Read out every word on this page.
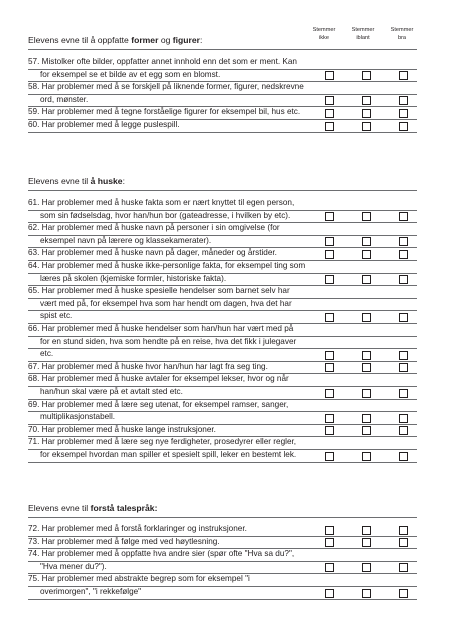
Stemmer
ikke
Stemmer
iblant
Stemmer
bra
Elevens evne til å oppfatte former og figurer:
57. Mistolker ofte bilder, oppfatter annet innhold enn det som er ment. Kan
for eksempel se et bilde av et egg som en blomst.
58. Har problemer med å se forskjell på liknende former, figurer, nedskrevne
ord, mønster.
59. Har problemer med å tegne forståelige figurer for eksempel bil, hus etc.
60. Har problemer med å legge puslespill.
Elevens evne til å huske:
61. Har problemer med å huske fakta som er nært knyttet til egen person,
som sin fødselsdag, hvor han/hun bor (gateadresse, i hvilken by etc).
62. Har problemer med å huske navn på personer i sin omgivelse (for
eksempel navn på lærere og klassekamerater).
63. Har problemer med å huske navn på dager, måneder og årstider.
64. Har problemer med å huske ikke-personlige fakta, for eksempel ting som
læres på skolen (kjemiske formler, historiske fakta).
65. Har problemer med å huske spesielle hendelser som barnet selv har
vært med på, for eksempel hva som har hendt om dagen, hva det har
spist etc.
66. Har problemer med å huske hendelser som han/hun har vært med på
for en stund siden, hva som hendte på en reise, hva det fikk i julegaver
etc.
67. Har problemer med å huske hvor han/hun har lagt fra seg ting.
68. Har problemer med å huske avtaler for eksempel lekser, hvor og når
han/hun skal være på et avtalt sted etc.
69. Har problemer med å lære seg utenat, for eksempel ramser, sanger,
multiplikasjonstabell.
70. Har problemer med å huske lange instruksjoner.
71. Har problemer med å lære seg nye ferdigheter, prosedyrer eller regler,
for eksempel hvordan man spiller et spesielt spill, leker en bestemt lek.
Elevens evne til forstå talespråk:
72. Har problemer med å forstå forklaringer og instruksjoner.
73. Har problemer med å følge med ved høytlesning.
74. Har problemer med å oppfatte hva andre sier (spør ofte "Hva sa du?",
"Hva mener du?").
75. Har problemer med abstrakte begrep som for eksempel "i
overimorgen", "i rekkefølge"
